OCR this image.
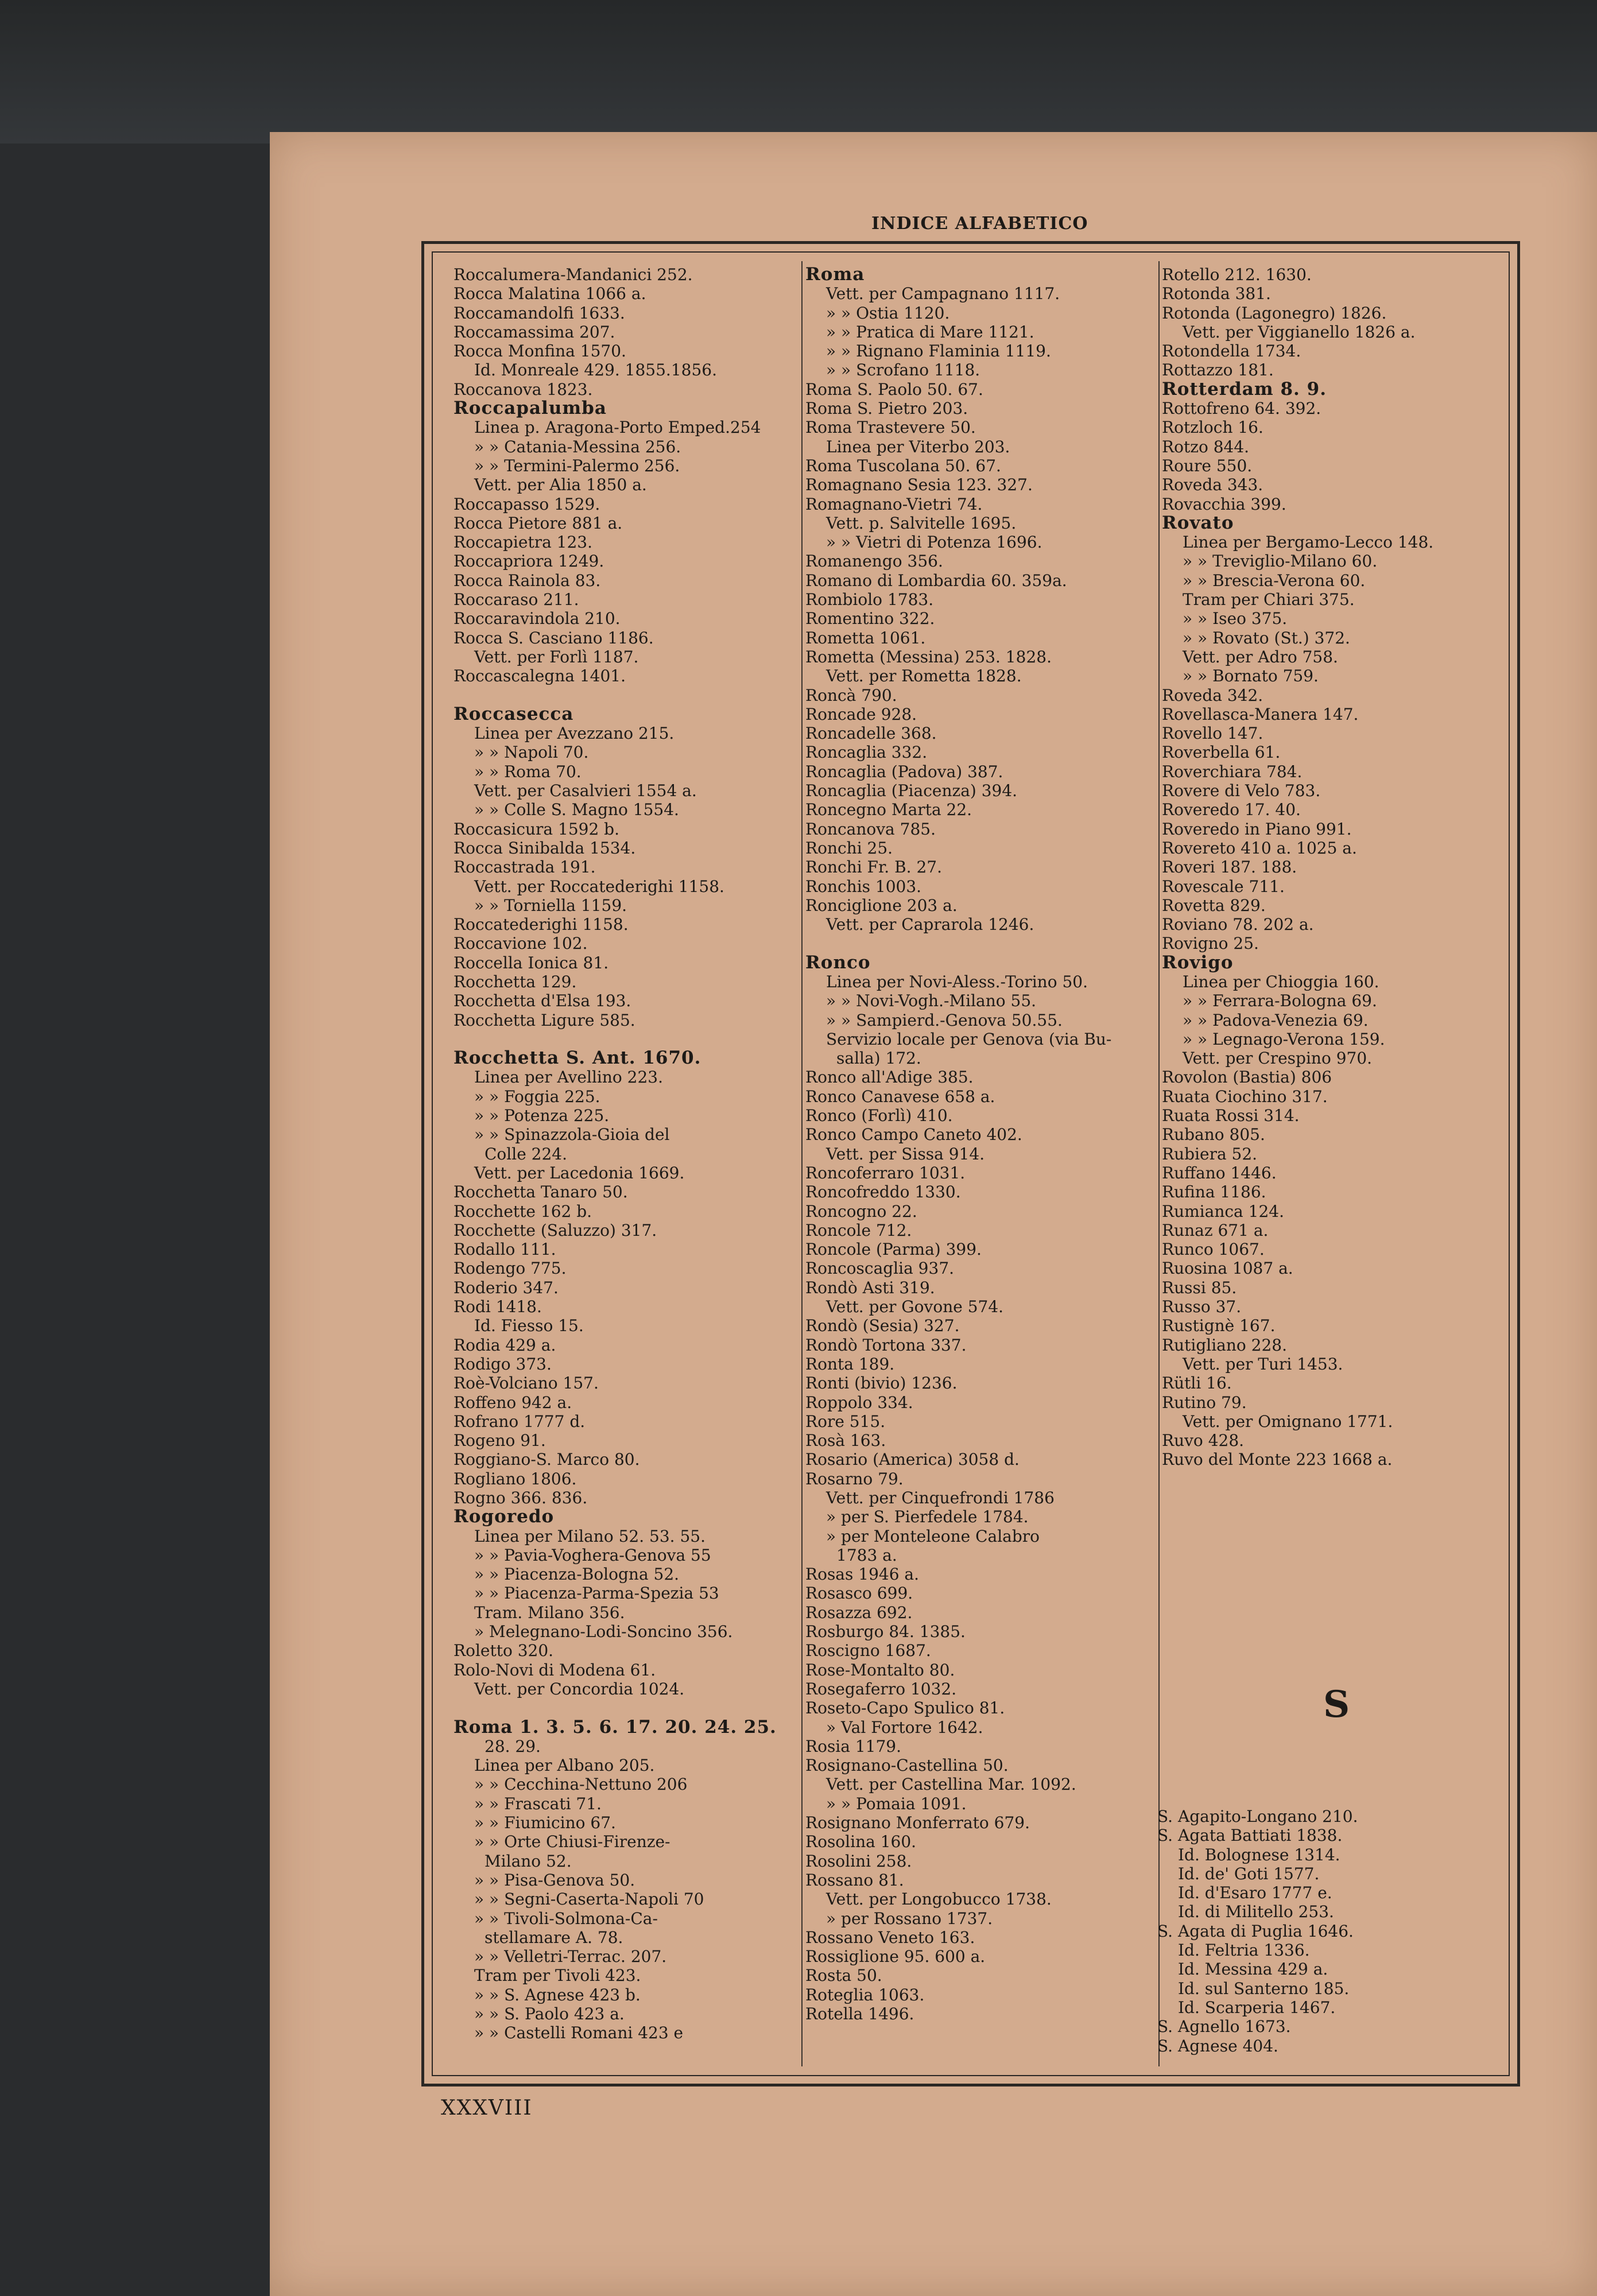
Roccalumera-Mandanici 252.
Rocca Malatina 1066 a.
Roccamandolfi 1633.
Roccamassima 207.
Rocca Monfina 1570.
Id. Monreale 429. 1855.1856.
Roccanova 1823.
Roccapalumba
Linea p. Aragona-Porto Emped.254
» » Catania-Messina 256.
» » Termini-Palermo 256.
Vett. per Alia 1850 a.
Roccapasso 1529.
Rocca Pietore 881 a.
Roccapietra 123.
Roccapriora 1249.
Rocca Rainola 83.
Roccaraso 211.
Roccaravindola 210.
Rocca S. Casciano 1186.
Vett. per Forlì 1187.
Roccascalegna 1401.
Roccasecca
Linea per Avezzano 215.
» » Napoli 70.
» » Roma 70.
Vett. per Casalvieri 1554 a.
» » Colle S. Magno 1554.
Roccasicura 1592 b.
Rocca Sinibalda 1534.
Roccastrada 191.
Vett. per Roccatederighi 1158.
» » Torniella 1159.
Roccatederighi 1158.
Roccavione 102.
Roccella Ionica 81.
Rocchetta 129.
Rocchetta d'Elsa 193.
Rocchetta Ligure 585.
Rocchetta S. Ant. 1670.
Linea per Avellino 223.
» » Foggia 225.
» » Potenza 225.
» » Spinazzola-Gioia del
Colle 224.
Vett. per Lacedonia 1669.
Rocchetta Tanaro 50.
Rocchette 162 b.
Rocchette (Saluzzo) 317.
Rodallo 111.
Rodengo 775.
Roderio 347.
Rodi 1418.
Id. Fiesso 15.
Rodia 429 a.
Rodigo 373.
Roè-Volciano 157.
Roffeno 942 a.
Rofrano 1777 d.
Rogeno 91.
Roggiano-S. Marco 80.
Rogliano 1806.
Rogno 366. 836.
Rogoredo
Linea per Milano 52. 53. 55.
» » Pavia-Voghera-Genova 55
» » Piacenza-Bologna 52.
» » Piacenza-Parma-Spezia 53
Tram. Milano 356.
» Melegnano-Lodi-Soncino 356.
Roletto 320.
Rolo-Novi di Modena 61.
Vett. per Concordia 1024.
Roma 1. 3. 5. 6. 17. 20. 24. 25.
28. 29.
Linea per Albano 205.
» » Cecchina-Nettuno 206
» » Frascati 71.
» » Fiumicino 67.
» » Orte Chiusi-Firenze-
Milano 52.
» » Pisa-Genova 50.
» » Segni-Caserta-Napoli 70
» » Tivoli-Solmona-Ca-
stellamare A. 78.
» » Velletri-Terrac. 207.
Tram per Tivoli 423.
» » S. Agnese 423 b.
» » S. Paolo 423 a.
» » Castelli Romani 423 e
Roma
Vett. per Campagnano 1117.
» » Ostia 1120.
» » Pratica di Mare 1121.
» » Rignano Flaminia 1119.
» » Scrofano 1118.
Roma S. Paolo 50. 67.
Roma S. Pietro 203.
Roma Trastevere 50.
Linea per Viterbo 203.
Roma Tuscolana 50. 67.
Romagnano Sesia 123. 327.
Romagnano-Vietri 74.
Vett. p. Salvitelle 1695.
» » Vietri di Potenza 1696.
Romanengo 356.
Romano di Lombardia 60. 359a.
Rombiolo 1783.
Romentino 322.
Rometta 1061.
Rometta (Messina) 253. 1828.
Vett. per Rometta 1828.
Roncà 790.
Roncade 928.
Roncadelle 368.
Roncaglia 332.
Roncaglia (Padova) 387.
Roncaglia (Piacenza) 394.
Roncegno Marta 22.
Roncanova 785.
Ronchi 25.
Ronchi Fr. B. 27.
Ronchis 1003.
Ronciglione 203 a.
Vett. per Caprarola 1246.
Ronco
Linea per Novi-Aless.-Torino 50.
» » Novi-Vogh.-Milano 55.
» » Sampierd.-Genova 50.55.
Servizio locale per Genova (via Bu-
salla) 172.
Ronco all'Adige 385.
Ronco Canavese 658 a.
Ronco (Forlì) 410.
Ronco Campo Caneto 402.
Vett. per Sissa 914.
Roncoferraro 1031.
Roncofreddo 1330.
Roncogno 22.
Roncole 712.
Roncole (Parma) 399.
Roncoscaglia 937.
Rondò Asti 319.
Vett. per Govone 574.
Rondò (Sesia) 327.
Rondò Tortona 337.
Ronta 189.
Ronti (bivio) 1236.
Roppolo 334.
Rore 515.
Rosà 163.
Rosario (America) 3058 d.
Rosarno 79.
Vett. per Cinquefrondi 1786
» per S. Pierfedele 1784.
» per Monteleone Calabro
1783 a.
Rosas 1946 a.
Rosasco 699.
Rosazza 692.
Rosburgo 84. 1385.
Roscigno 1687.
Rose-Montalto 80.
Rosegaferro 1032.
Roseto-Capo Spulico 81.
» Val Fortore 1642.
Rosia 1179.
Rosignano-Castellina 50.
Vett. per Castellina Mar. 1092.
» » Pomaia 1091.
Rosignano Monferrato 679.
Rosolina 160.
Rosolini 258.
Rossano 81.
Vett. per Longobucco 1738.
» per Rossano 1737.
Rossano Veneto 163.
Rossiglione 95. 600 a.
Rosta 50.
Roteglia 1063.
Rotella 1496.
Rotello 212. 1630.
Rotonda 381.
Rotonda (Lagonegro) 1826.
Vett. per Viggianello 1826 a.
Rotondella 1734.
Rottazzo 181.
Rotterdam 8. 9.
Rottofreno 64. 392.
Rotzloch 16.
Rotzo 844.
Roure 550.
Roveda 343.
Rovacchia 399.
Rovato
Linea per Bergamo-Lecco 148.
» » Treviglio-Milano 60.
» » Brescia-Verona 60.
Tram per Chiari 375.
» » Iseo 375.
» » Rovato (St.) 372.
Vett. per Adro 758.
» » Bornato 759.
Roveda 342.
Rovellasca-Manera 147.
Rovello 147.
Roverbella 61.
Roverchiara 784.
Rovere di Velo 783.
Roveredo 17. 40.
Roveredo in Piano 991.
Rovereto 410 a. 1025 a.
Roveri 187. 188.
Rovescale 711.
Rovetta 829.
Roviano 78. 202 a.
Rovigno 25.
Rovigo
Linea per Chioggia 160.
» » Ferrara-Bologna 69.
» » Padova-Venezia 69.
» » Legnago-Verona 159.
Vett. per Crespino 970.
Rovolon (Bastia) 806
Ruata Ciochino 317.
Ruata Rossi 314.
Rubano 805.
Rubiera 52.
Ruffano 1446.
Rufina 1186.
Rumianca 124.
Runaz 671 a.
Runco 1067.
Ruosina 1087 a.
Russi 85.
Russo 37.
Rustignè 167.
Rutigliano 228.
Vett. per Turi 1453.
Rütli 16.
Rutino 79.
Vett. per Omignano 1771.
Ruvo 428.
Ruvo del Monte 223 1668 a.
S
S. Agapito-Longano 210.
S. Agata Battiati 1838.
Id. Bolognese 1314.
Id. de' Goti 1577.
Id. d'Esaro 1777 e.
Id. di Militello 253.
S. Agata di Puglia 1646.
Id. Feltria 1336.
Id. Messina 429 a.
Id. sul Santerno 185.
Id. Scarperia 1467.
S. Agnello 1673.
S. Agnese 404.
XXXVIII
